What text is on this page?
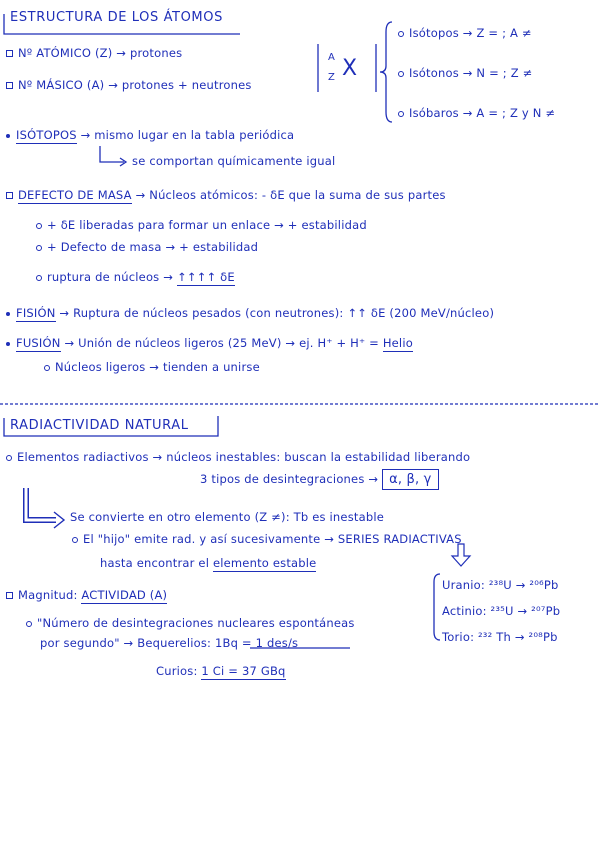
ESTRUCTURA DE LOS ÁTOMOS
Nº ATÓMICO (Z) → protones
Nº MÁSICO (A) → protones + neutrones
A
Z X
Isótopos → Z = ; A ≠
Isótonos → N = ; Z ≠
Isóbaros → A = ; Z y N ≠
ISÓTOPOS → mismo lugar en la tabla periódica
se comportan químicamente igual
DEFECTO DE MASA → Núcleos atómicos: - δE que la suma de sus partes
+ δE liberadas para formar un enlace → + estabilidad
+ Defecto de masa → + estabilidad
ruptura de núcleos → ↑↑↑↑ δE
FISIÓN → Ruptura de núcleos pesados (con neutrones): ↑↑ δE (200 MeV/núcleo)
FUSIÓN → Unión de núcleos ligeros (25 MeV) → ej. H⁺ + H⁺ = Helio
Núcleos ligeros → tienden a unirse
RADIACTIVIDAD NATURAL
Elementos radiactivos → núcleos inestables: buscan la estabilidad liberando
3 tipos de desintegraciones → α, β, γ
Se convierte en otro elemento (Z ≠): Tb es inestable
El "hijo" emite rad. y así sucesivamente → SERIES RADIACTIVAS
hasta encontrar el elemento estable
Magnitud: ACTIVIDAD (A)
"Número de desintegraciones nucleares espontáneas
por segundo" → Bequerelios: 1Bq = 1 des/s
Curios: 1 Ci = 37 GBq
Uranio: ²³⁸U → ²⁰⁶Pb
Actinio: ²³⁵U → ²⁰⁷Pb
Torio: ²³² Th → ²⁰⁸Pb
